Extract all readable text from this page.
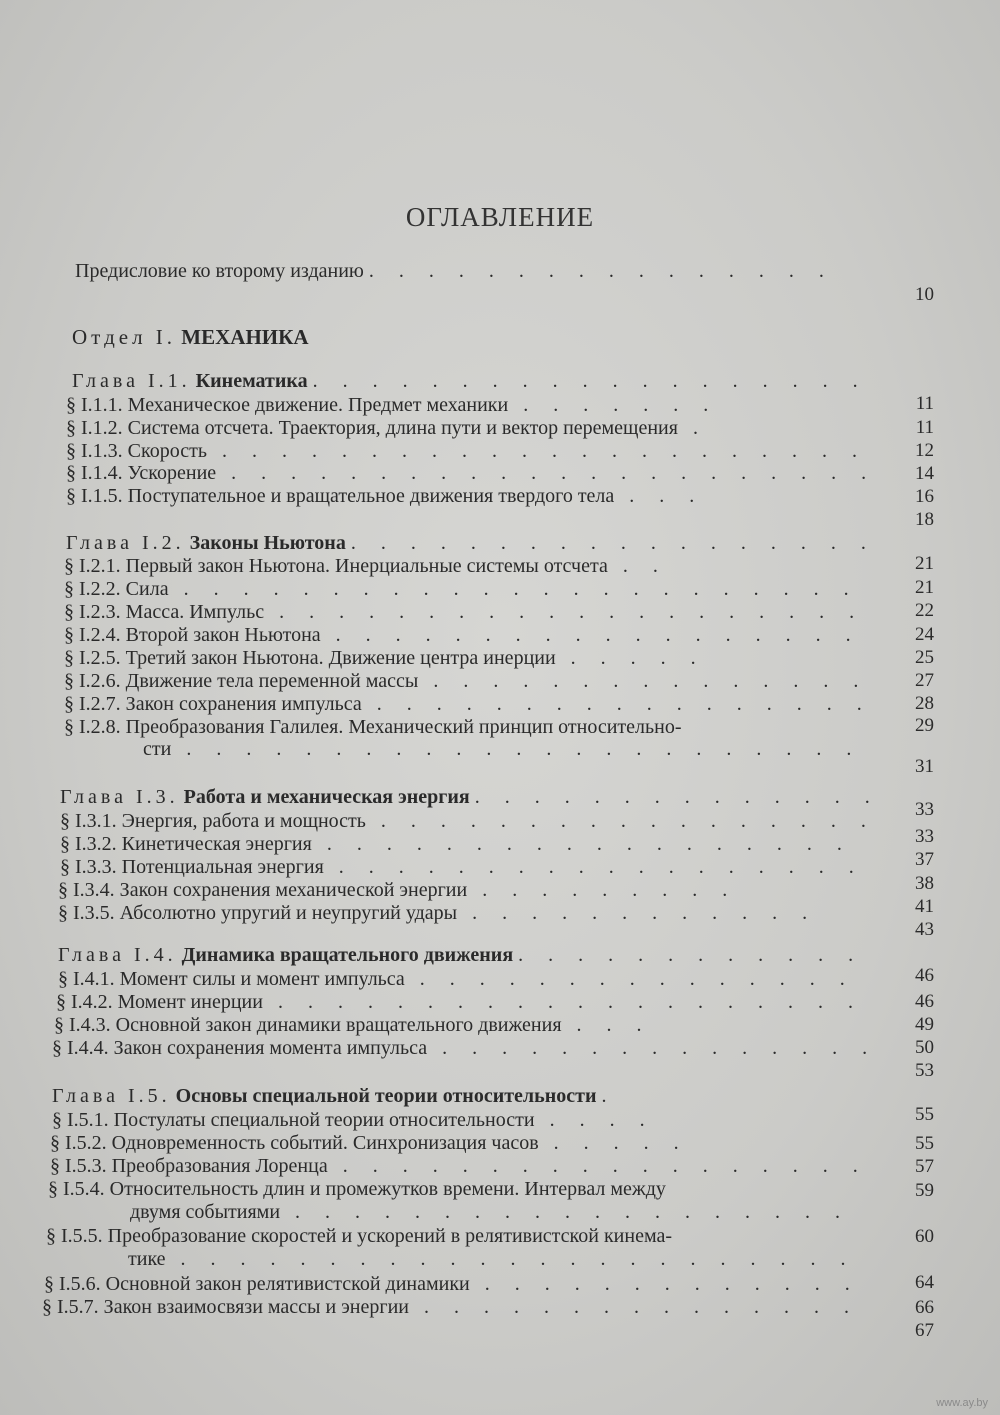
ОГЛАВЛЕНИЕ
Предисловие ко второму изданию . . . . . . . . . . . . . . . .
10
Отдел I. МЕХАНИКА
Глава I.1. Кинематика . . . . . . . . . . . . . . . . . . .
11
§ I.1.1. Механическое движение. Предмет механики . . . . . . .
11
§ I.1.2. Система отсчета. Траектория, длина пути и вектор перемещения .
12
§ I.1.3. Скорость . . . . . . . . . . . . . . . . . . . . . .
14
§ I.1.4. Ускорение . . . . . . . . . . . . . . . . . . . . . .
16
§ I.1.5. Поступательное и вращательное движения твердого тела . . .
18
Глава I.2. Законы Ньютона . . . . . . . . . . . . . . . . . .
21
§ I.2.1. Первый закон Ньютона. Инерциальные системы отсчета . .
21
§ I.2.2. Сила . . . . . . . . . . . . . . . . . . . . . . .
22
§ I.2.3. Масса. Импульс . . . . . . . . . . . . . . . . . . . .
24
§ I.2.4. Второй закон Ньютона . . . . . . . . . . . . . . . . . .
25
§ I.2.5. Третий закон Ньютона. Движение центра инерции . . . . .
27
§ I.2.6. Движение тела переменной массы . . . . . . . . . . . . . . .
28
§ I.2.7. Закон сохранения импульса . . . . . . . . . . . . . . . . .
29
§ I.2.8. Преобразования Галилея. Механический принцип относительно-
сти . . . . . . . . . . . . . . . . . . . . . . .
31
Глава I.3. Работа и механическая энергия . . . . . . . . . . . . . .
33
§ I.3.1. Энергия, работа и мощность . . . . . . . . . . . . . . . . .
33
§ I.3.2. Кинетическая энергия . . . . . . . . . . . . . . . . . .
37
§ I.3.3. Потенциальная энергия . . . . . . . . . . . . . . . . . .
38
§ I.3.4. Закон сохранения механической энергии . . . . . . . . .
41
§ I.3.5. Абсолютно упругий и неупругий удары . . . . . . . . . . . .
43
Глава I.4. Динамика вращательного движения . . . . . . . . . . . .
46
§ I.4.1. Момент силы и момент импульса . . . . . . . . . . . . . . .
46
§ I.4.2. Момент инерции . . . . . . . . . . . . . . . . . . . .
49
§ I.4.3. Основной закон динамики вращательного движения . . .
50
§ I.4.4. Закон сохранения момента импульса . . . . . . . . . . . . . . .
53
Глава I.5. Основы специальной теории относительности .
55
§ I.5.1. Постулаты специальной теории относительности . . . .
55
§ I.5.2. Одновременность событий. Синхронизация часов . . . . .
57
§ I.5.3. Преобразования Лоренца . . . . . . . . . . . . . . . . . .
59
§ I.5.4. Относительность длин и промежутков времени. Интервал между
двумя событиями . . . . . . . . . . . . . . . . . . .
60
§ I.5.5. Преобразование скоростей и ускорений в релятивистской кинема-
тике . . . . . . . . . . . . . . . . . . . . . . .
64
§ I.5.6. Основной закон релятивистской динамики . . . . . . . . . . . . .
66
§ I.5.7. Закон взаимосвязи массы и энергии . . . . . . . . . . . . . . .
67
www.ay.by
